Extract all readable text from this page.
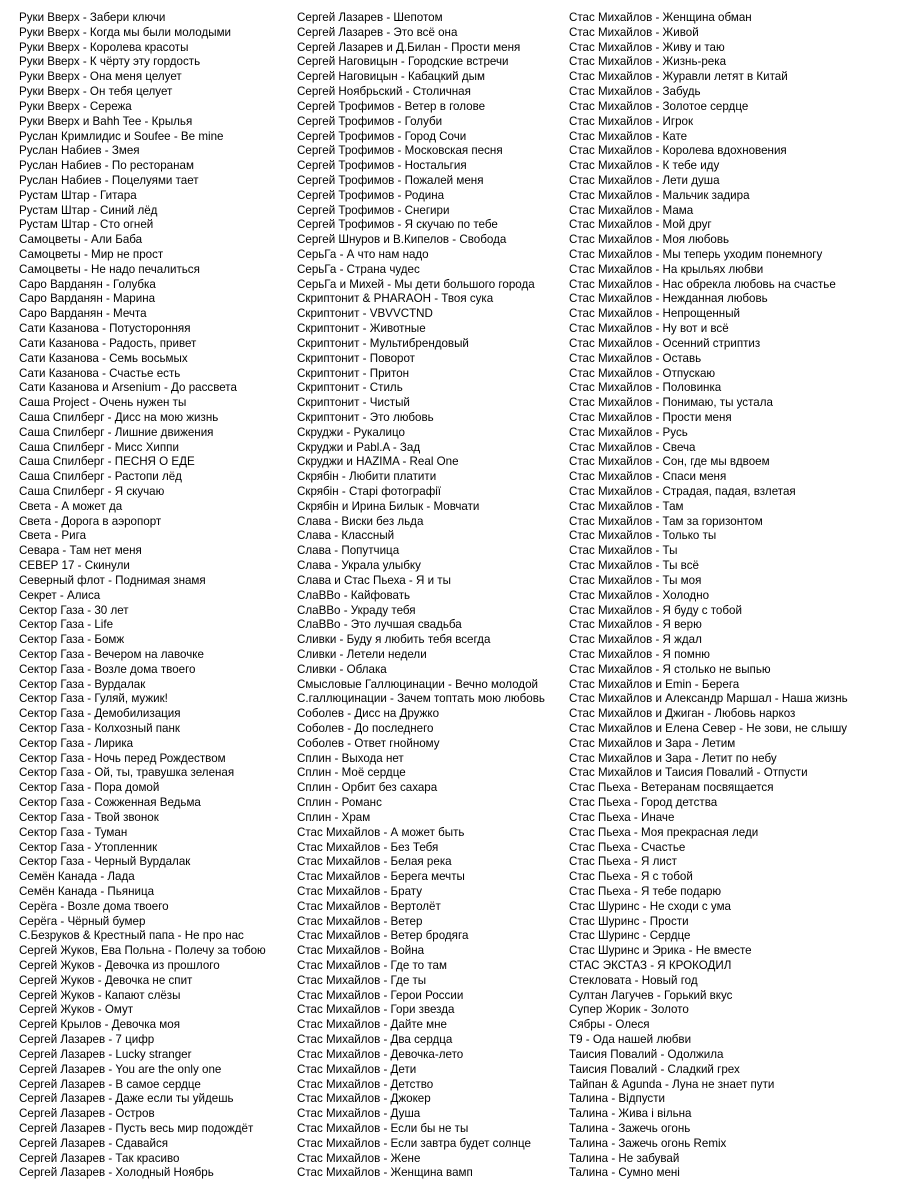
Руки Вверх - Забери ключи
Руки Вверх - Когда мы были молодыми
Руки Вверх - Королева красоты
Руки Вверх - К чёрту эту гордость
Руки Вверх - Она меня целует
Руки Вверх - Он тебя целует
Руки Вверх - Сережа
Руки Вверх и Bahh Tee - Крылья
Руслан Кримлидис и Soufee - Be mine
Руслан Набиев - Змея
Руслан Набиев - По ресторанам
Руслан Набиев - Поцелуями тает
Рустам Штар - Гитара
Рустам Штар - Синий лёд
Рустам Штар - Сто огней
Самоцветы - Али Баба
Самоцветы - Мир не прост
Самоцветы - Не надо печалиться
Саро Варданян - Голубка
Саро Варданян - Марина
Саро Варданян - Мечта
Сати Казанова - Потусторонняя
Сати Казанова - Радость, привет
Сати Казанова - Семь восьмых
Сати Казанова - Счастье есть
Сати Казанова и Arsenium - До рассвета
Саша Project - Очень нужен ты
Саша Спилберг - Дисс на мою жизнь
Саша Спилберг - Лишние движения
Саша Спилберг - Мисс Хиппи
Саша Спилберг - ПЕСНЯ О ЕДЕ
Саша Спилберг - Растопи лёд
Саша Спилберг - Я скучаю
Света - А может да
Света - Дорога в аэропорт
Света - Рига
Севара - Там нет меня
СЕВЕР 17 - Скинули
Северный флот - Поднимая знамя
Секрет - Алиса
Сектор Газа - 30 лет
Сектор Газа - Life
Сектор Газа - Бомж
Сектор Газа - Вечером на лавочке
Сектор Газа - Возле дома твоего
Сектор Газа - Вурдалак
Сектор Газа - Гуляй, мужик!
Сектор Газа - Демобилизация
Сектор Газа - Колхозный панк
Сектор Газа - Лирика
Сектор Газа - Ночь перед Рождеством
Сектор Газа - Ой, ты, травушка зеленая
Сектор Газа - Пора домой
Сектор Газа - Сожженная Ведьма
Сектор Газа - Твой звонок
Сектор Газа - Туман
Сектор Газа - Утопленник
Сектор Газа - Черный Вурдалак
Семён Канада - Лада
Семён Канада - Пьяница
Серёга - Возле дома твоего
Серёга - Чёрный бумер
С.Безруков & Крестный папа - Не про нас
Сергей Жуков, Ева Польна - Полечу за тобою
Сергей Жуков - Девочка из прошлого
Сергей Жуков - Девочка не спит
Сергей Жуков - Капают слёзы
Сергей Жуков - Омут
Сергей Крылов - Девочка моя
Сергей Лазарев - 7 цифр
Сергей Лазарев - Lucky stranger
Сергей Лазарев - You are the only one
Сергей Лазарев - В самое сердце
Сергей Лазарев - Даже если ты уйдешь
Сергей Лазарев - Остров
Сергей Лазарев - Пусть весь мир подождёт
Сергей Лазарев - Сдавайся
Сергей Лазарев - Так красиво
Сергей Лазарев - Холодный Ноябрь
Сергей Лазарев - Шепотом
Сергей Лазарев - Это всё она
Сергей Лазарев и Д.Билан - Прости меня
Сергей Наговицын - Городские встречи
Сергей Наговицын - Кабацкий дым
Сергей Ноябрьский - Столичная
Сергей Трофимов - Ветер в голове
Сергей Трофимов - Голуби
Сергей Трофимов - Город Сочи
Сергей Трофимов - Московская песня
Сергей Трофимов - Ностальгия
Сергей Трофимов - Пожалей меня
Сергей Трофимов - Родина
Сергей Трофимов - Снегири
Сергей Трофимов - Я скучаю по тебе
Сергей Шнуров и В.Кипелов - Свобода
СерьГа - А что нам надо
СерьГа - Страна чудес
СерьГа и Михей - Мы дети большого города
Скриптонит & PHARAOH - Твоя сука
Скриптонит - VBVVCTND
Скриптонит - Животные
Скриптонит - Мультибрендовый
Скриптонит - Поворот
Скриптонит - Притон
Скриптонит - Стиль
Скриптонит - Чистый
Скриптонит - Это любовь
Скруджи - Рукалицо
Скруджи и Pabl.A - Зад
Скруджи и HAZIMA - Real One
Скрябін - Любити платити
Скрябін - Старі фотографії
Скрябін и Ирина Билык - Мовчати
Слава - Виски без льда
Слава - Классный
Слава - Попутчица
Слава - Украла улыбку
Слава и Стас Пьеха - Я и ты
СлаВВо - Кайфовать
СлаВВо - Украду тебя
СлаВВо - Это лучшая свадьба
Сливки - Буду я любить тебя всегда
Сливки - Летели недели
Сливки - Облака
Смысловые Галлюцинации - Вечно молодой
С.галлюцинации - Зачем топтать мою любовь
Соболев - Дисс на Дружко
Соболев - До последнего
Соболев - Ответ гнойному
Сплин - Выхода нет
Сплин - Моё сердце
Сплин - Орбит без сахара
Сплин - Романс
Сплин - Храм
Стас Михайлов - А может быть
Стас Михайлов - Без Тебя
Стас Михайлов - Белая река
Стас Михайлов - Берега мечты
Стас Михайлов - Брату
Стас Михайлов - Вертолёт
Стас Михайлов - Ветер
Стас Михайлов - Ветер бродяга
Стас Михайлов - Война
Стас Михайлов - Где то там
Стас Михайлов - Где ты
Стас Михайлов - Герои России
Стас Михайлов - Гори звезда
Стас Михайлов - Дайте мне
Стас Михайлов - Два сердца
Стас Михайлов - Девочка-лето
Стас Михайлов - Дети
Стас Михайлов - Детство
Стас Михайлов - Джокер
Стас Михайлов - Душа
Стас Михайлов - Если бы не ты
Стас Михайлов - Если завтра будет солнце
Стас Михайлов - Жене
Стас Михайлов - Женщина вамп
Стас Михайлов - Женщина обман
Стас Михайлов - Живой
Стас Михайлов - Живу и таю
Стас Михайлов - Жизнь-река
Стас Михайлов - Журавли летят в Китай
Стас Михайлов - Забудь
Стас Михайлов - Золотое сердце
Стас Михайлов - Игрок
Стас Михайлов - Кате
Стас Михайлов - Королева вдохновения
Стас Михайлов - К тебе иду
Стас Михайлов - Лети душа
Стас Михайлов - Мальчик задира
Стас Михайлов - Мама
Стас Михайлов - Мой друг
Стас Михайлов - Моя любовь
Стас Михайлов - Мы теперь уходим понемногу
Стас Михайлов - На крыльях любви
Стас Михайлов - Нас обрекла любовь на счастье
Стас Михайлов - Нежданная любовь
Стас Михайлов - Непрощенный
Стас Михайлов - Ну вот и всё
Стас Михайлов - Осенний стриптиз
Стас Михайлов - Оставь
Стас Михайлов - Отпускаю
Стас Михайлов - Половинка
Стас Михайлов - Понимаю, ты устала
Стас Михайлов - Прости меня
Стас Михайлов - Русь
Стас Михайлов - Свеча
Стас Михайлов - Сон, где мы вдвоем
Стас Михайлов - Спаси меня
Стас Михайлов - Страдая, падая, взлетая
Стас Михайлов - Там
Стас Михайлов - Там за горизонтом
Стас Михайлов - Только ты
Стас Михайлов - Ты
Стас Михайлов - Ты всё
Стас Михайлов - Ты моя
Стас Михайлов - Холодно
Стас Михайлов - Я буду с тобой
Стас Михайлов - Я верю
Стас Михайлов - Я ждал
Стас Михайлов - Я помню
Стас Михайлов - Я столько не выпью
Стас Михайлов и Emin - Берега
Стас Михайлов и Александр Маршал - Наша жизнь
Стас Михайлов и Джиган - Любовь наркоз
Стас Михайлов и Елена Север - Не зови, не слышу
Стас Михайлов и Зара - Летим
Стас Михайлов и Зара - Летит по небу
Стас Михайлов и Таисия Повалий - Отпусти
Стас Пьеха - Ветеранам посвящается
Стас Пьеха - Город детства
Стас Пьеха - Иначе
Стас Пьеха - Моя прекрасная леди
Стас Пьеха - Счастье
Стас Пьеха - Я лист
Стас Пьеха - Я с тобой
Стас Пьеха - Я тебе подарю
Стас Шуринс - Не сходи с ума
Стас Шуринс - Прости
Стас Шуринс - Сердце
Стас Шуринс и Эрика - Не вместе
СТАС ЭКСТАЗ - Я КРОКОДИЛ
Стекловата - Новый год
Султан Лагучев - Горький вкус
Супер Жорик - Золото
Сябры - Олеся
Т9 - Ода нашей любви
Таисия Повалий - Одолжила
Таисия Повалий - Сладкий грех
Тайпан & Agunda - Луна не знает пути
Талина - Відпусти
Талина - Жива і вільна
Талина - Зажечь огонь
Талина - Зажечь огонь Remix
Талина - Не забувай
Талина - Сумно мені
